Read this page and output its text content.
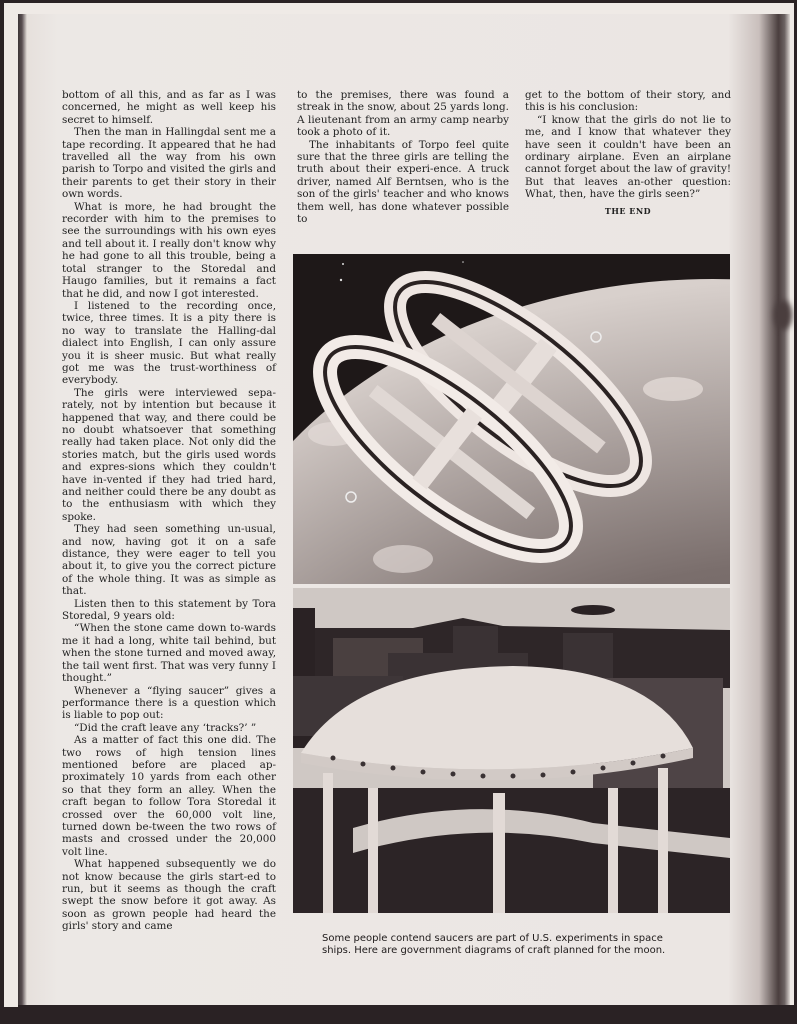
bottom of all this, and as far as I was concerned, he might as well keep his secret to himself.

Then the man in Hallingdal sent me a tape recording. It appeared that he had travelled all the way from his own parish to Torpo and visited the girls and their parents to get their story in their own words.

What is more, he had brought the recorder with him to the premises to see the surroundings with his own eyes and tell about it. I really don't know why he had gone to all this trouble, being a total stranger to the Storedal and Haugo families, but it remains a fact that he did, and now I got interested.

I listened to the recording once, twice, three times. It is a pity there is no way to translate the Halling-dal dialect into English, I can only assure you it is sheer music. But what really got me was the trust-worthiness of everybody.

The girls were interviewed sepa-rately, not by intention but because it happened that way, and there could be no doubt whatsoever that something really had taken place. Not only did the stories match, but the girls used words and expres-sions which they couldn't have in-vented if they had tried hard, and neither could there be any doubt as to the enthusiasm with which they spoke.

They had seen something un-usual, and now, having got it on a safe distance, they were eager to tell you about it, to give you the correct picture of the whole thing. It was as simple as that.

Listen then to this statement by Tora Storedal, 9 years old:

“When the stone came down to-wards me it had a long, white tail behind, but when the stone turned and moved away, the tail went first. That was very funny I thought.”

Whenever a “flying saucer” gives a performance there is a question which is liable to pop out:

“Did the craft leave any ‘tracks?’ ”

As a matter of fact this one did. The two rows of high tension lines mentioned before are placed ap-proximately 10 yards from each other so that they form an alley. When the craft began to follow Tora Storedal it crossed over the 60,000 volt line, turned down be-tween the two rows of masts and crossed under the 20,000 volt line.

What happened subsequently we do not know because the girls start-ed to run, but it seems as though the craft swept the snow before it got away. As soon as grown people had heard the girls' story and came

to the premises, there was found a streak in the snow, about 25 yards long. A lieutenant from an army camp nearby took a photo of it.

The inhabitants of Torpo feel quite sure that the three girls are telling the truth about their experi-ence. A truck driver, named Alf Berntsen, who is the son of the girls' teacher and who knows them well, has done whatever possible to

get to the bottom of their story, and this is his conclusion:

“I know that the girls do not lie to me, and I know that whatever they have seen it couldn't have been an ordinary airplane. Even an airplane cannot forget about the law of gravity! But that leaves an-other question: What, then, have the girls seen?”

THE END

Some people contend saucers are part of U.S. experiments in space

ships. Here are government diagrams of craft planned for the moon.
